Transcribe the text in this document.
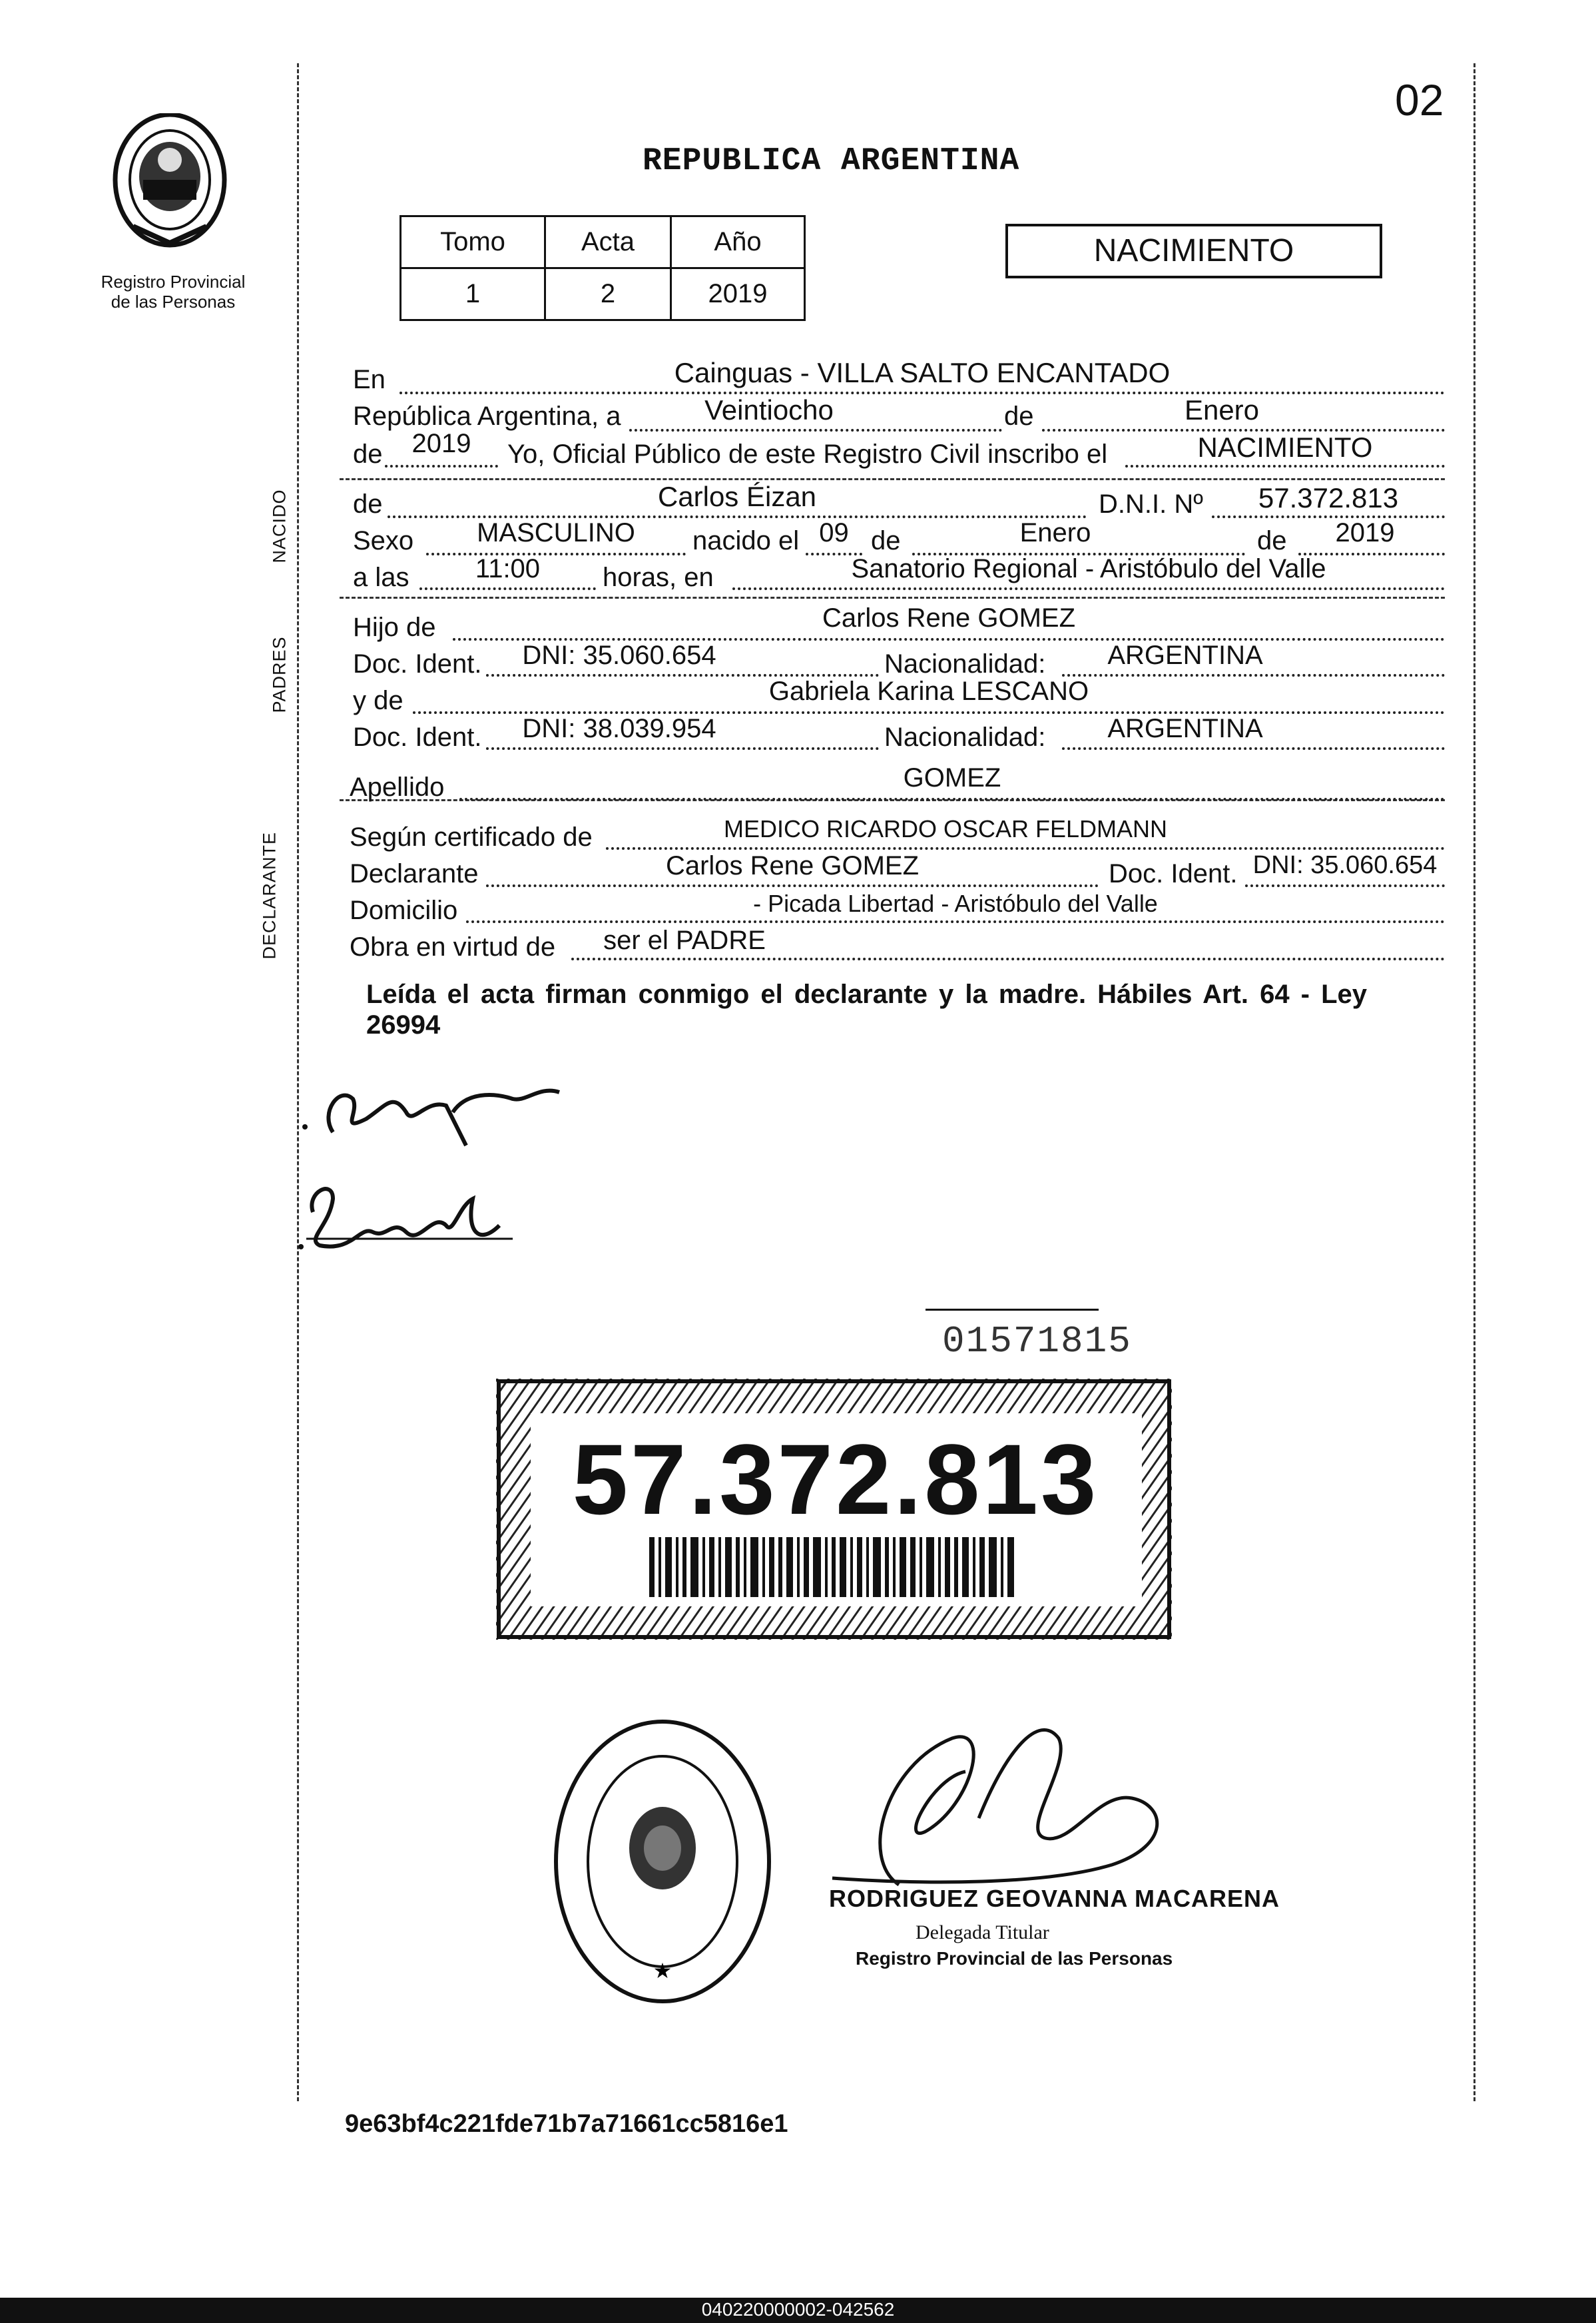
02
Registro Provincial
de las Personas
REPUBLICA ARGENTINA
Tomo	Acta	Año
1	2	2019
NACIMIENTO
NACIDO
PADRES
DECLARANTE
En	Cainguas - VILLA SALTO ENCANTADO
República Argentina, a	Veintiocho	de	Enero
de	2019	Yo, Oficial Público de este Registro Civil inscribo el	NACIMIENTO
de	Carlos Éizan	D.N.I. Nº	57.372.813
Sexo	MASCULINO	nacido el 09 de	Enero	de	2019
a las	11:00	horas, en	Sanatorio Regional - Aristóbulo del Valle
Hijo de	Carlos Rene GOMEZ
Doc. Ident.	DNI: 35.060.654	Nacionalidad:	ARGENTINA
y de	Gabriela Karina LESCANO
Doc. Ident.	DNI: 38.039.954	Nacionalidad:	ARGENTINA
Apellido	GOMEZ
Según certificado de	MEDICO RICARDO OSCAR FELDMANN
Declarante	Carlos Rene GOMEZ	Doc. Ident. DNI: 35.060.654
Domicilio	- Picada Libertad - Aristóbulo del Valle
Obra en virtud de	ser el PADRE
Leída el acta firman conmigo el declarante y la madre. Hábiles Art. 64 - Ley 26994
01571815
57.372.813
★
RODRIGUEZ GEOVANNA MACARENA
Delegada Titular
Registro Provincial de las Personas
9e63bf4c221fde71b7a71661cc5816e1
040220000002-042562
